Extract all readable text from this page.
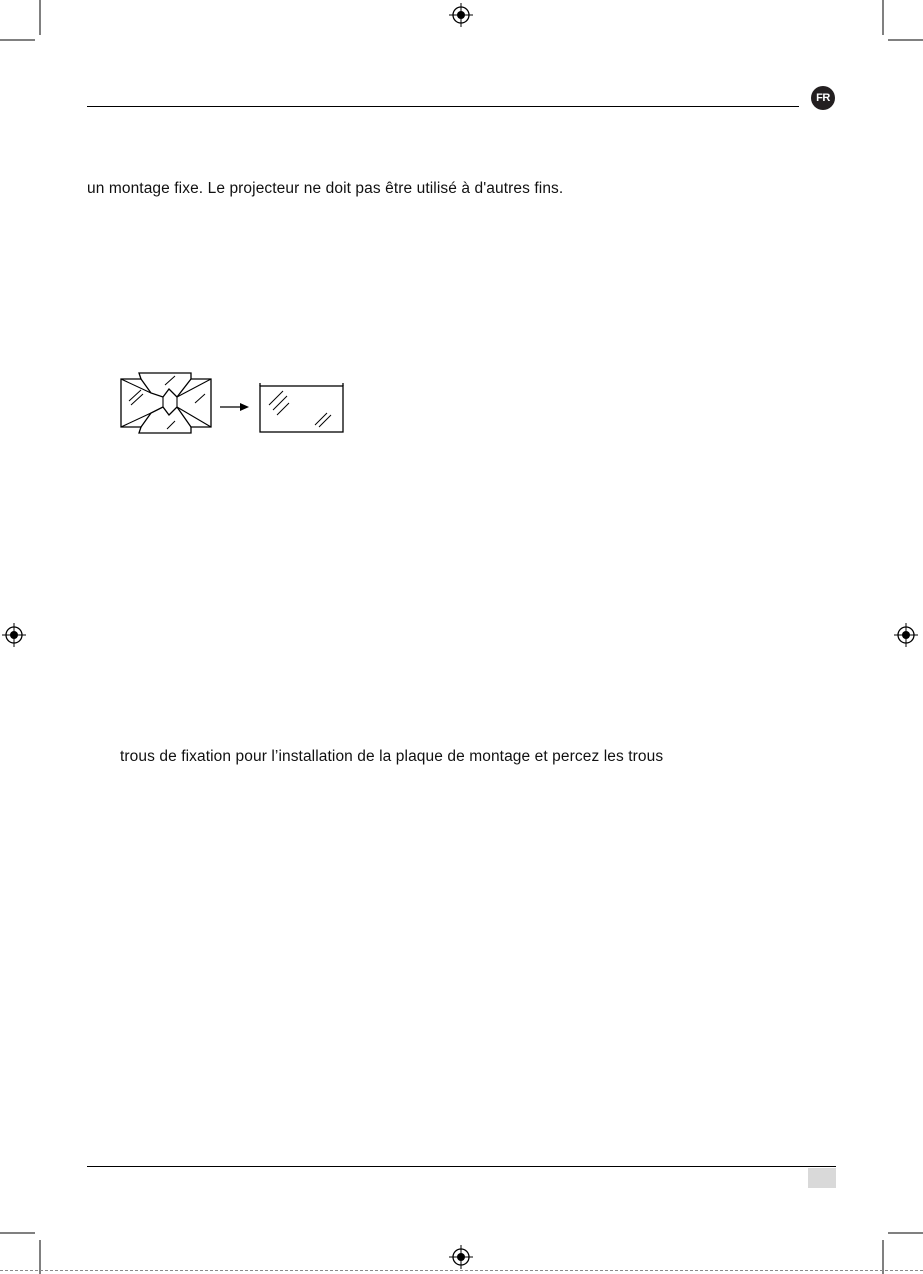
FR
un montage fixe. Le projecteur ne doit pas être utilisé à d'autres fins.
trous de fixation pour l’installation de la plaque de montage et percez les trous
